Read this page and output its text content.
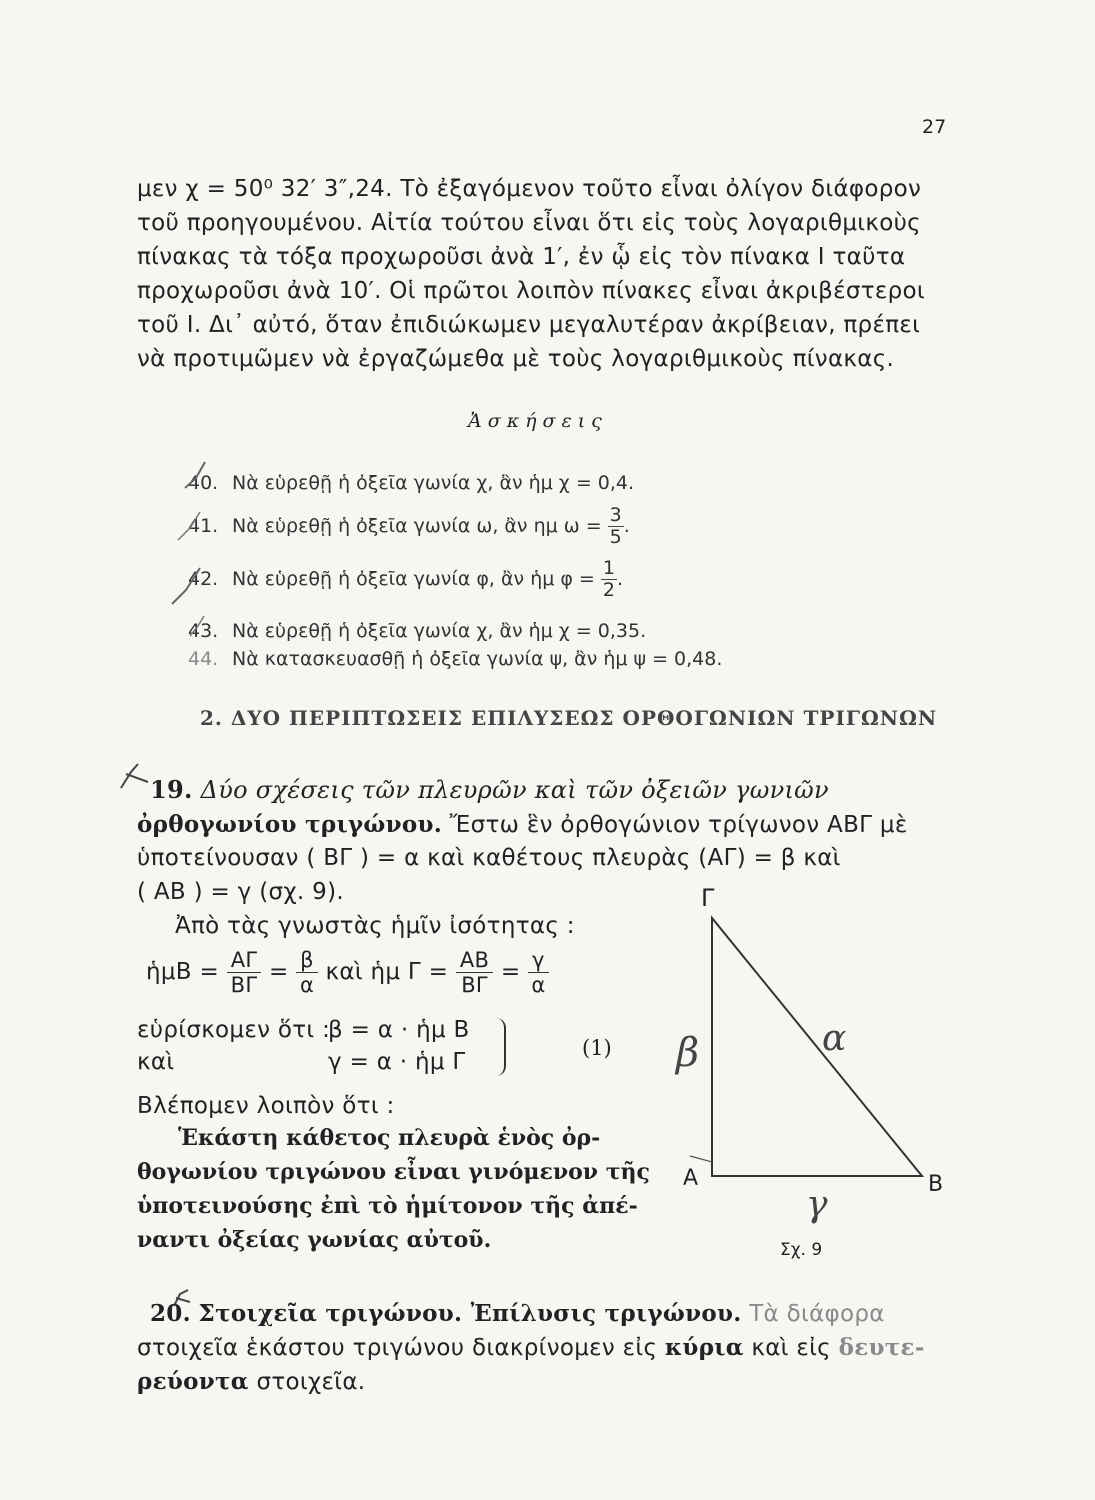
27
μεν χ = 50⁰ 32′ 3″,24. Τὸ ἐξαγόμενον τοῦτο εἶναι ὀλίγον διάφορον
τοῦ προηγουμένου. Αἰτία τούτου εἶναι ὅτι εἰς τοὺς λογαριθμικοὺς
πίνακας τὰ τόξα προχωροῦσι ἀνὰ 1′, ἐν ᾧ εἰς τὸν πίνακα Ι ταῦτα
προχωροῦσι ἀνὰ 10′. Οἱ πρῶτοι λοιπὸν πίνακες εἶναι ἀκριβέστεροι
τοῦ Ι. Δι᾽ αὐτό, ὅταν ἐπιδιώκωμεν μεγαλυτέραν ἀκρίβειαν, πρέπει
νὰ προτιμῶμεν νὰ ἐργαζώμεθα μὲ τοὺς λογαριθμικοὺς πίνακας.
Ἀσκήσεις
40. Νὰ εὑρεθῇ ἡ ὀξεῖα γωνία χ, ἂν ἡμ χ = 0,4.
41. Νὰ εὑρεθῇ ἡ ὀξεῖα γωνία ω, ἂν ημ $\omega = \frac{3}{5}$ .
42. Νὰ εὑρεθῇ ἡ ὀξεῖα γωνία φ, ἂν ἡμ $\varphi = \frac{1}{2}$ .
43. Νὰ εὑρεθῇ ἡ ὀξεῖα γωνία χ, ἂν ἡμ χ = 0,35.
44. Νὰ κατασκευασθῇ ἡ ὀξεῖα γωνία ψ, ἂν ἡμ ψ = 0,48.
2. ΔΥΟ ΠΕΡΙΠΤΩΣΕΙΣ ΕΠΙΛΥΣΕΩΣ ΟΡΘΟΓΩΝΙΩΝ ΤΡΙΓΩΝΩΝ
19. Δύο σχέσεις τῶν πλευρῶν καὶ τῶν ὀξειῶν γωνιῶν
ὀρθογωνίου τριγώνου. Ἔστω ἓν ὀρθογώνιον τρίγωνον ΑΒΓ μὲ
ὑποτείνουσαν ( ΒΓ ) = α καὶ καθέτους πλευρὰς (ΑΓ) = β καὶ
( ΑΒ ) = γ (σχ. 9).
Ἀπὸ τὰς γνωστὰς ἡμῖν ἰσότητας :
ἡμΒ = $\frac{A\Gamma}{B\Gamma} = \frac{\beta}{\alpha}$ καὶ ἡμ $\Gamma = \frac{AB}{B\Gamma} = \frac{\gamma}{\alpha}$
εὑρίσκομεν ὅτι :
β = α · ἡμ Β
καὶ	γ = α · ἡμ Γ
(1)
Βλέπομεν λοιπὸν ὅτι :
Ἑκάστη κάθετος πλευρὰ ἑνὸς ὀρ-
θογωνίου τριγώνου εἶναι γινόμενον τῆς
ὑποτεινούσης ἐπὶ τὸ ἡμίτονον τῆς ἀπέ-
ναντι ὀξείας γωνίας αὐτοῦ.
Γ
Α	Β
α
β
γ
Σχ. 9
20. Στοιχεῖα τριγώνου. Ἐπίλυσις τριγώνου. Τὰ διάφορα
στοιχεῖα ἑκάστου τριγώνου διακρίνομεν εἰς κύρια καὶ εἰς δευτε-
ρεύοντα στοιχεῖα.
